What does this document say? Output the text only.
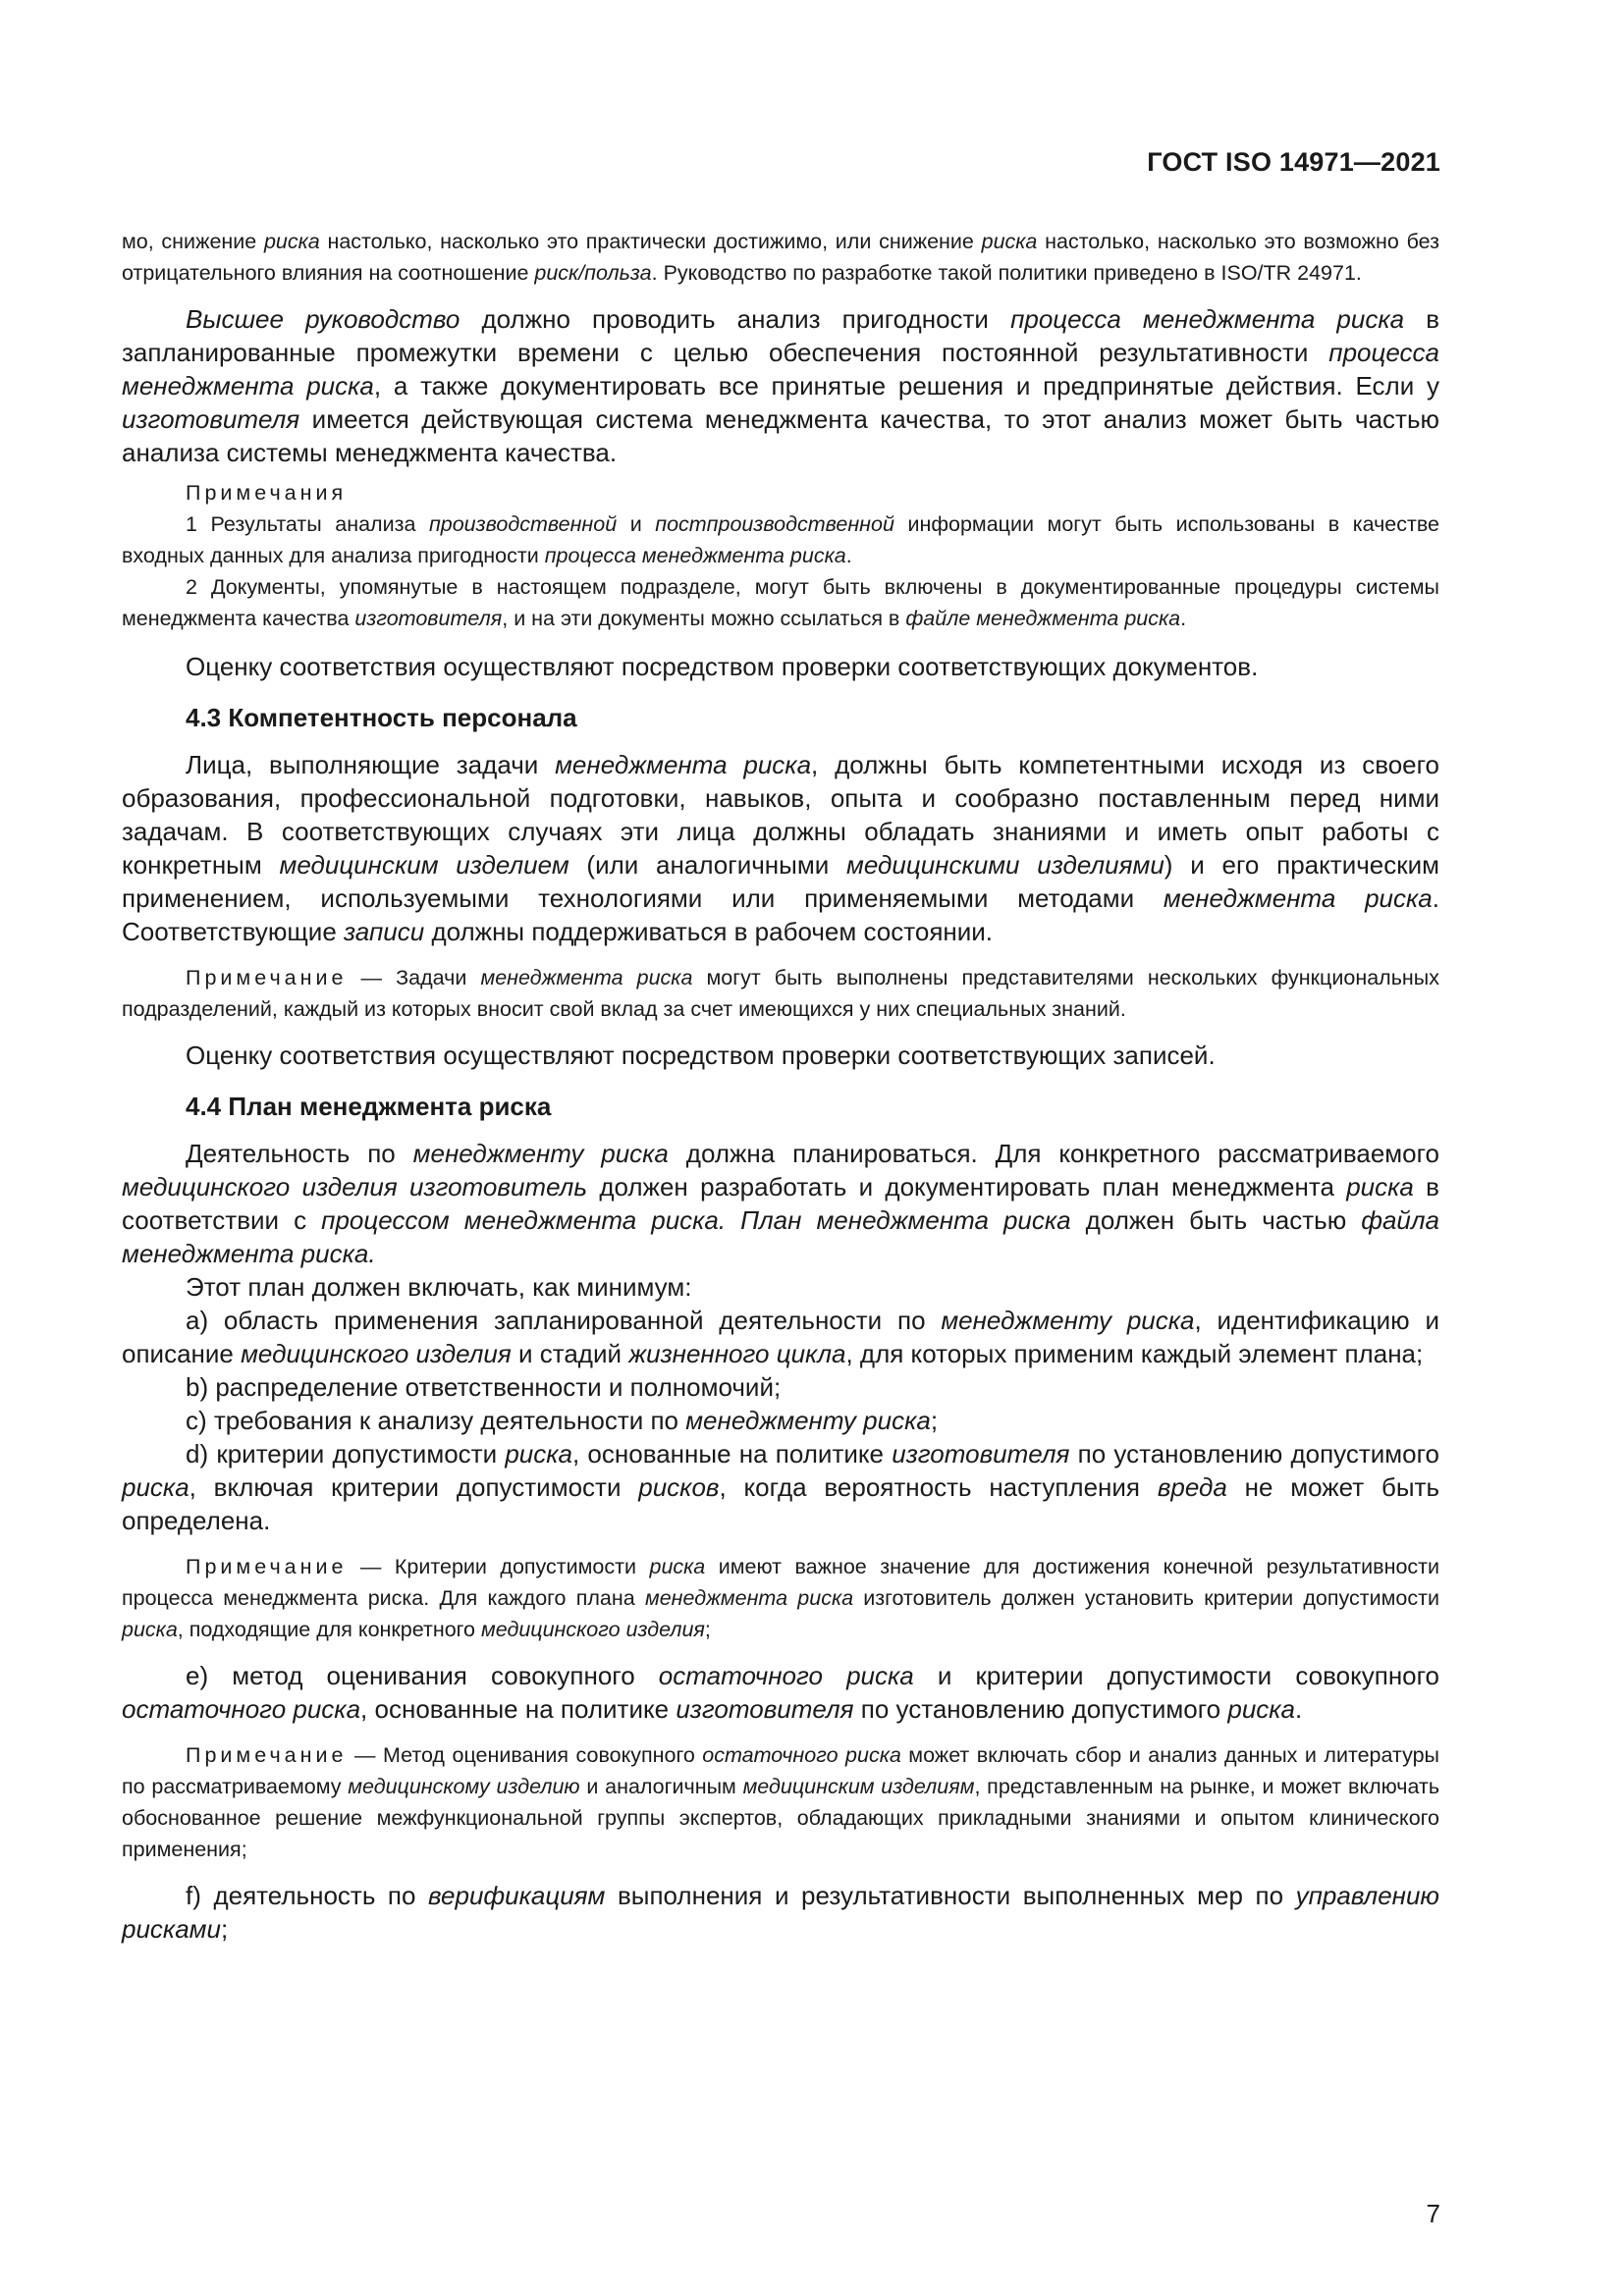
ГОСТ ISO 14971—2021

мо, снижение риска настолько, насколько это практически достижимо, или снижение риска настолько, насколько это возможно без отрицательного влияния на соотношение риск/польза. Руководство по разработке такой политики приведено в ISO/TR 24971.

Высшее руководство должно проводить анализ пригодности процесса менеджмента риска в запланированные промежутки времени с целью обеспечения постоянной результативности процесса менеджмента риска, а также документировать все принятые решения и предпринятые действия. Если у изготовителя имеется действующая система менеджмента качества, то этот анализ может быть частью анализа системы менеджмента качества.

Примечания

1 Результаты анализа производственной и постпроизводственной информации могут быть использованы в качестве входных данных для анализа пригодности процесса менеджмента риска.

2 Документы, упомянутые в настоящем подразделе, могут быть включены в документированные процедуры системы менеджмента качества изготовителя, и на эти документы можно ссылаться в файле менеджмента риска.

Оценку соответствия осуществляют посредством проверки соответствующих документов.

4.3 Компетентность персонала

Лица, выполняющие задачи менеджмента риска, должны быть компетентными исходя из своего образования, профессиональной подготовки, навыков, опыта и сообразно поставленным перед ними задачам. В соответствующих случаях эти лица должны обладать знаниями и иметь опыт работы с конкретным медицинским изделием (или аналогичными медицинскими изделиями) и его практическим применением, используемыми технологиями или применяемыми методами менеджмента риска. Соответствующие записи должны поддерживаться в рабочем состоянии.

Примечание — Задачи менеджмента риска могут быть выполнены представителями нескольких функциональных подразделений, каждый из которых вносит свой вклад за счет имеющихся у них специальных знаний.

Оценку соответствия осуществляют посредством проверки соответствующих записей.

4.4 План менеджмента риска

Деятельность по менеджменту риска должна планироваться. Для конкретного рассматриваемого медицинского изделия изготовитель должен разработать и документировать план менеджмента риска в соответствии с процессом менеджмента риска. План менеджмента риска должен быть частью файла менеджмента риска.

Этот план должен включать, как минимум:

a) область применения запланированной деятельности по менеджменту риска, идентификацию и описание медицинского изделия и стадий жизненного цикла, для которых применим каждый элемент плана;

b) распределение ответственности и полномочий;

c) требования к анализу деятельности по менеджменту риска;

d) критерии допустимости риска, основанные на политике изготовителя по установлению допустимого риска, включая критерии допустимости рисков, когда вероятность наступления вреда не может быть определена.

Примечание — Критерии допустимости риска имеют важное значение для достижения конечной результативности процесса менеджмента риска. Для каждого плана менеджмента риска изготовитель должен установить критерии допустимости риска, подходящие для конкретного медицинского изделия;

e) метод оценивания совокупного остаточного риска и критерии допустимости совокупного остаточного риска, основанные на политике изготовителя по установлению допустимого риска.

Примечание — Метод оценивания совокупного остаточного риска может включать сбор и анализ данных и литературы по рассматриваемому медицинскому изделию и аналогичным медицинским изделиям, представленным на рынке, и может включать обоснованное решение межфункциональной группы экспертов, обладающих прикладными знаниями и опытом клинического применения;

f) деятельность по верификациям выполнения и результативности выполненных мер по управлению рисками;

7
